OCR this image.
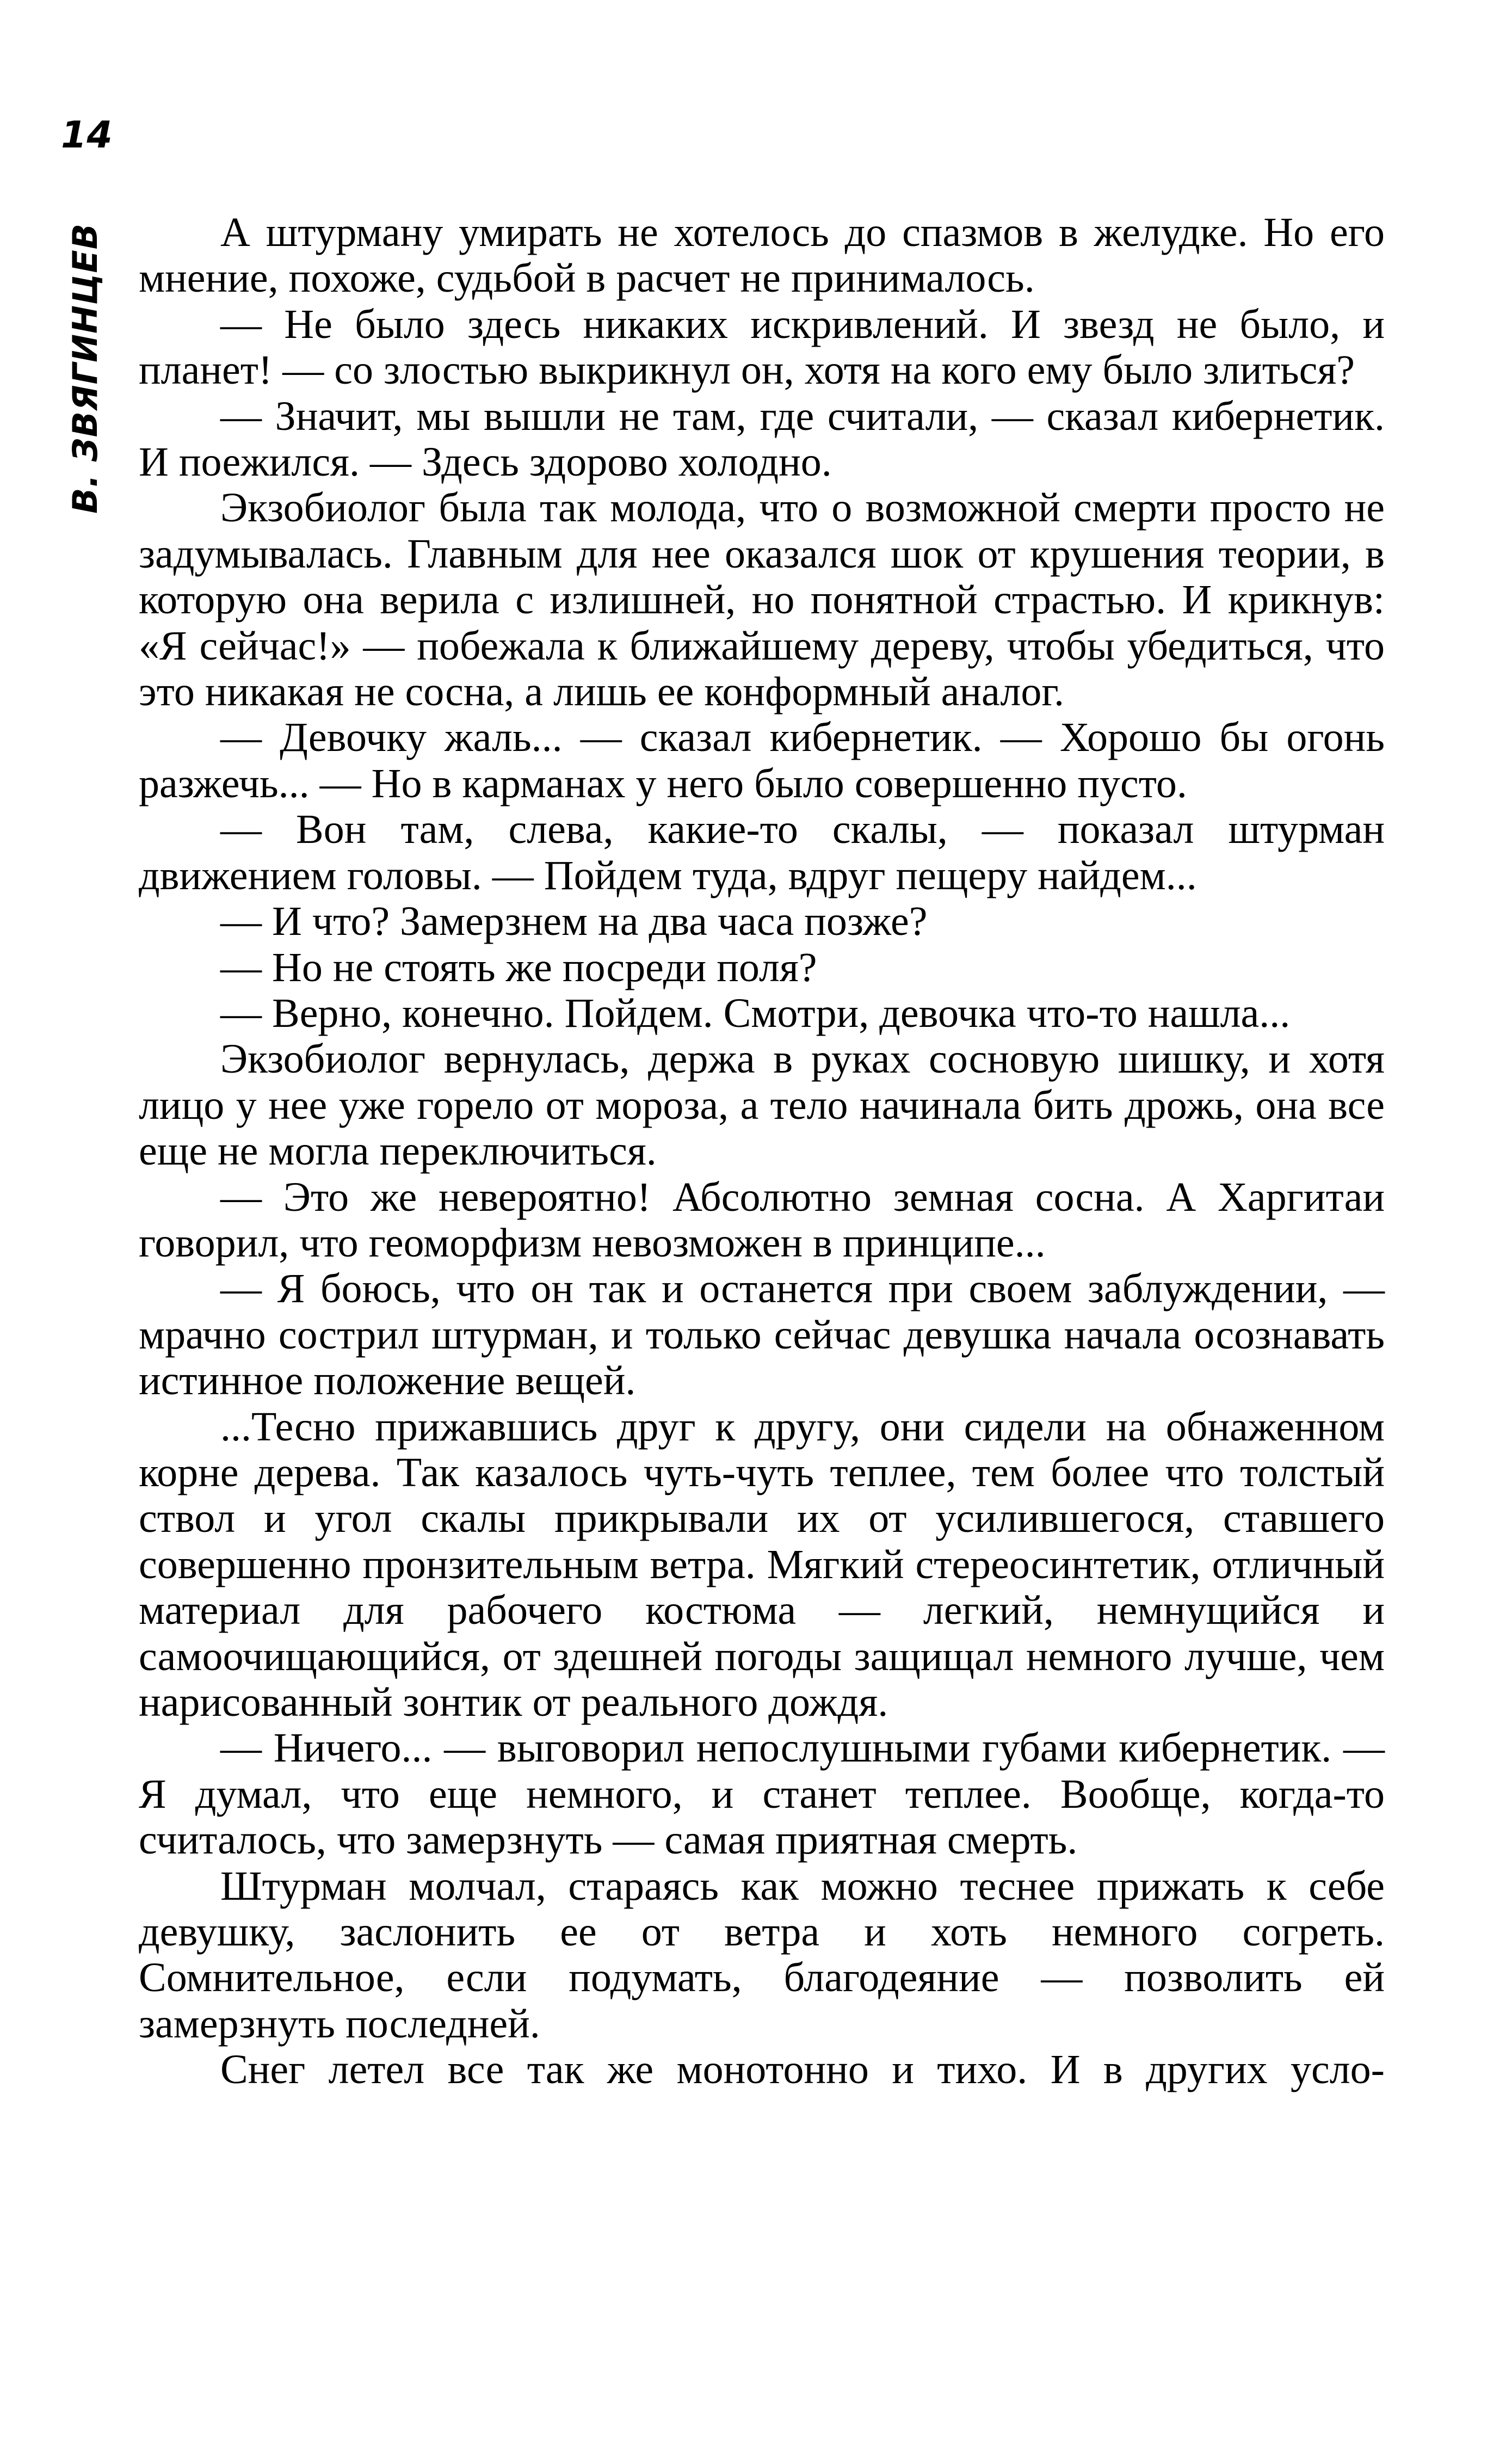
14
В. ЗВЯГИНЦЕВ	А штурману умирать не хотелось до спазмов в желудке. Но его мнение, похоже, судьбой в расчет не принималось.

— Не было здесь никаких искривлений. И звезд не было, и планет! — со злостью выкрикнул он, хотя на кого ему было злиться?

— Значит, мы вышли не там, где считали, — сказал кибернетик. И поежился. — Здесь здорово холодно.

Экзобиолог была так молода, что о возможной смерти просто не задумывалась. Главным для нее оказался шок от крушения теории, в которую она верила с излишней, но понятной страстью. И крикнув: «Я сейчас!» — побежала к ближайшему дереву, чтобы убедиться, что это никакая не сосна, а лишь ее конформный аналог.

— Девочку жаль... — сказал кибернетик. — Хорошо бы огонь разжечь... — Но в карманах у него было совершенно пусто.

— Вон там, слева, какие-то скалы, — показал штурман движением головы. — Пойдем туда, вдруг пещеру найдем...

— И что? Замерзнем на два часа позже?

— Но не стоять же посреди поля?

— Верно, конечно. Пойдем. Смотри, девочка что-то нашла...

Экзобиолог вернулась, держа в руках сосновую шишку, и хотя лицо у нее уже горело от мороза, а тело начинала бить дрожь, она все еще не могла переключиться.

— Это же невероятно! Абсолютно земная сосна. А Харгитаи говорил, что геоморфизм невозможен в принципе...

— Я боюсь, что он так и останется при своем заблуждении, — мрачно сострил штурман, и только сейчас девушка начала осознавать истинное положение вещей.

...Тесно прижавшись друг к другу, они сидели на обнаженном корне дерева. Так казалось чуть-чуть теплее, тем более что толстый ствол и угол скалы прикрывали их от усилившегося, ставшего совершенно пронзительным ветра. Мягкий стереосинтетик, отличный материал для рабочего костюма — легкий, немнущийся и самоочищающийся, от здешней погоды защищал немного лучше, чем нарисованный зонтик от реального дождя.

— Ничего... — выговорил непослушными губами кибернетик. — Я думал, что еще немного, и станет теплее. Вообще, когда-то считалось, что замерзнуть — самая приятная смерть.

Штурман молчал, стараясь как можно теснее прижать к себе девушку, заслонить ее от ветра и хоть немного согреть. Сомнительное, если подумать, благодеяние — позволить ей замерзнуть последней.

Снег летел все так же монотонно и тихо. И в других усло-
